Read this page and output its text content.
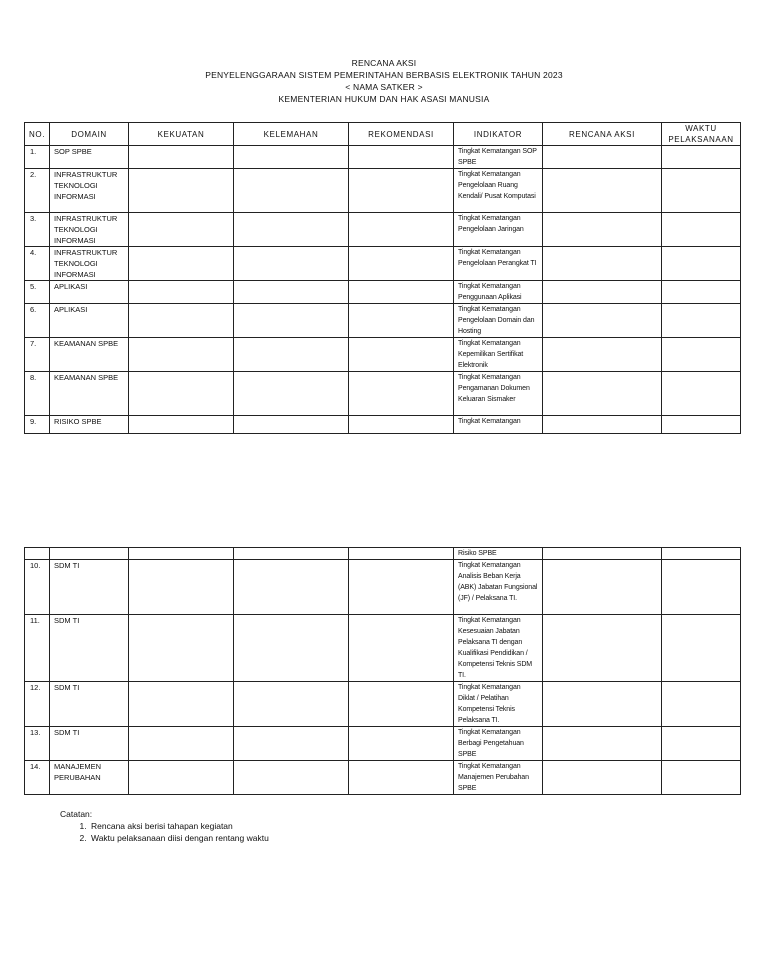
RENCANA AKSI
PENYELENGGARAAN SISTEM PEMERINTAHAN BERBASIS ELEKTRONIK TAHUN 2023
< NAMA SATKER >
KEMENTERIAN HUKUM DAN HAK ASASI MANUSIA
NO.	DOMAIN	KEKUATAN	KELEMAHAN	REKOMENDASI	INDIKATOR	RENCANA AKSI	WAKTU PELAKSANAAN
1.	SOP SPBE				Tingkat Kematangan SOP SPBE		
2.	INFRASTRUKTUR TEKNOLOGI INFORMASI				Tingkat Kematangan Pengelolaan Ruang Kendali/ Pusat Komputasi		
3.	INFRASTRUKTUR TEKNOLOGI INFORMASI				Tingkat Kematangan Pengelolaan Jaringan		
4.	INFRASTRUKTUR TEKNOLOGI INFORMASI				Tingkat Kematangan Pengelolaan Perangkat TI		
5.	APLIKASI				Tingkat Kematangan Penggunaan Aplikasi		
6.	APLIKASI				Tingkat Kematangan Pengelolaan Domain dan Hosting		
7.	KEAMANAN SPBE				Tingkat Kematangan Kepemilikan Sertifikat Elektronik		
8.	KEAMANAN SPBE				Tingkat Kematangan Pengamanan Dokumen Keluaran Sismaker		
9.	RISIKO SPBE				Tingkat Kematangan		
					Risiko SPBE		
10.	SDM TI				Tingkat Kematangan Analisis Beban Kerja (ABK) Jabatan Fungsional (JF) / Pelaksana TI.		
11.	SDM TI				Tingkat Kematangan Kesesuaian Jabatan Pelaksana TI dengan Kualifikasi Pendidikan / Kompetensi Teknis SDM TI.		
12.	SDM TI				Tingkat Kematangan Diklat / Pelatihan Kompetensi Teknis Pelaksana TI.		
13.	SDM TI				Tingkat Kematangan Berbagi Pengetahuan SPBE		
14.	MANAJEMEN PERUBAHAN				Tingkat Kematangan Manajemen Perubahan SPBE		
Catatan:
1. Rencana aksi berisi tahapan kegiatan
2. Waktu pelaksanaan diisi dengan rentang waktu
